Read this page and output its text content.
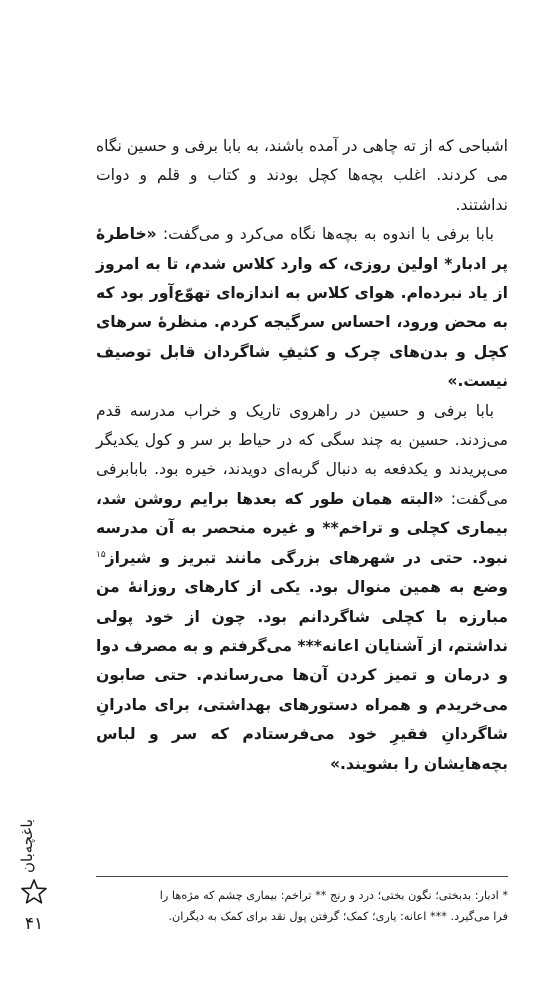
اشباحی که از ته چاهی در آمده باشند، به بابا برفی و حسین نگاه می کردند. اغلب بچه‌ها کچل بودند و کتاب و قلم و دوات نداشتند.

بابا برفی با اندوه به بچه‌ها نگاه می‌کرد و می‌گفت: «خاطرهٔ پر ادبار* اولین روزی، که وارد کلاس شدم، تا به امروز از یاد نبرده‌ام. هوای کلاس به اندازه‌ای تهوّع‌آور بود که به محض ورود، احساس سرگیجه کردم. منظرهٔ سرهای کچل و بدن‌های چرک و کثیفِ شاگردان قابل توصیف نیست.»

بابا برفی و حسین در راهروی تاریک و خراب مدرسه قدم می‌زدند. حسین به چند سگی که در حیاط بر سر و کول یکدیگر می‌پریدند و یکدفعه به دنبال گربه‌ای دویدند، خیره بود. بابابرفی می‌گفت: «البته همان طور که بعدها برایم روشن شد، بیماری کچلی و تراخم** و غیره منحصر به آن مدرسه نبود. حتی در شهرهای بزرگی مانند تبریز و شیراز$^{۱۵}$ وضع به همین منوال بود. یکی از کارهای روزانهٔ من مبارزه با کچلی شاگردانم بود. چون از خود پولی نداشتم، از آشنایان اعانه*** می‌گرفتم و به مصرف دوا و درمان و تمیز کردن آن‌ها می‌رساندم. حتی صابون می‌خریدم و همراه دستورهای بهداشتی، برای مادرانِ شاگردانِ فقیرِ خود می‌فرستادم که سر و لباس بچه‌هایشان را بشویند.»

* ادبار: بدبختی؛ نگون بختی؛ درد و رنج ** تراخم: بیماری چشم که مژه‌ها را

فرا می‌گیرد. *** اعانه: یاری؛ کمک؛ گرفتن پول نقد برای کمک به دیگران.

باغچه‌بان
۴۱
